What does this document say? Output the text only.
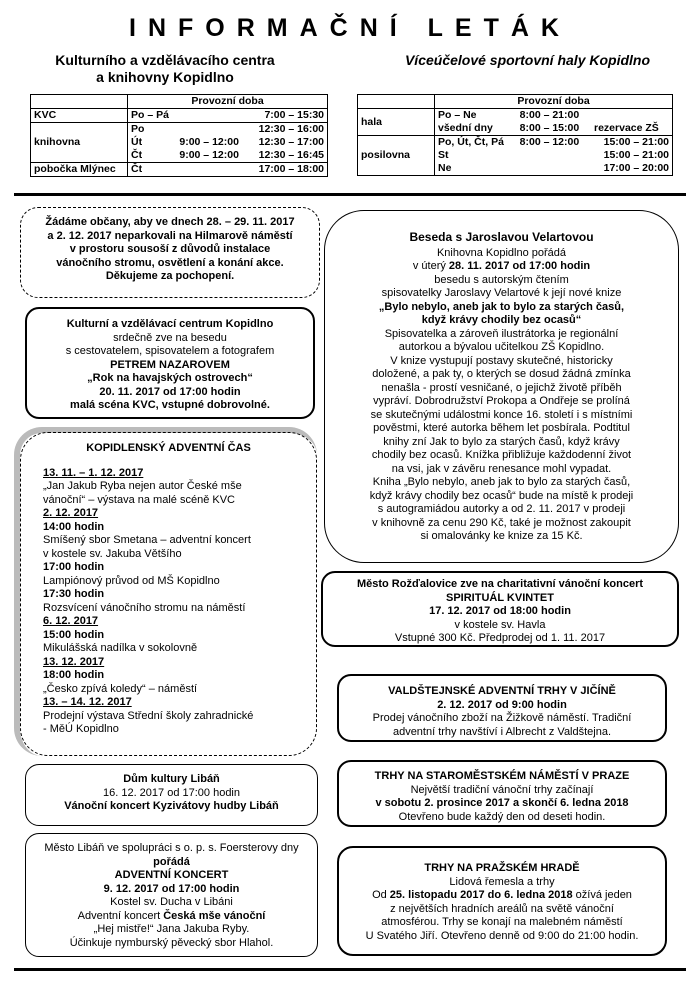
INFORMAČNÍ LETÁK
Kulturního a vzdělávacího centra
a knihovny Kopidlno
Víceúčelové sportovní haly Kopidlno
	Provozní doba		
KVC	Po – Pá		7:00 – 15:30
	Po		12:30 – 16:00
knihovna	Út	9:00 – 12:00	12:30 – 17:00
	Čt	9:00 – 12:00	12:30 – 16:45
pobočka Mlýnec	Čt		17:00 – 18:00
	Provozní doba		
hala	Po – Ne	8:00 – 21:00	
	všední dny	8:00 – 15:00	rezervace ZŠ
posilovna	Po, Út, Čt, Pá	8:00 – 12:00	15:00 – 21:00
	St		15:00 – 21:00
	Ne		17:00 – 20:00

Žádáme občany, aby ve dnech 28. – 29. 11. 2017

a 2. 12. 2017 neparkovali na Hilmarově náměstí

v prostoru sousoší z důvodů instalace

vánočního stromu, osvětlení a konání akce.

Děkujeme za pochopení.

Kulturní a vzdělávací centrum Kopidlno

srdečně zve na besedu

s cestovatelem, spisovatelem a fotografem

PETREM NAZAROVEM

„Rok na havajských ostrovech“

20. 11. 2017 od 17:00 hodin

malá scéna KVC, vstupné dobrovolné.

KOPIDLENSKÝ ADVENTNÍ ČAS

13. 11. – 1. 12. 2017

„Jan Jakub Ryba nejen autor České mše

vánoční“ – výstava na malé scéně KVC

2. 12. 2017

14:00 hodin

Smíšený sbor Smetana – adventní koncert

v kostele sv. Jakuba Většího

17:00 hodin

Lampiónový průvod od MŠ Kopidlno

17:30 hodin

Rozsvícení vánočního stromu na náměstí

6. 12. 2017

15:00 hodin

Mikulášská nadílka v sokolovně

13. 12. 2017

18:00 hodin

„Česko zpívá koledy“ – náměstí

13. – 14. 12. 2017

Prodejní výstava Střední školy zahradnické

- MěÚ Kopidlno

Dům kultury Libáň

16. 12. 2017 od 17:00 hodin

Vánoční koncert Kyzivátovy hudby Libáň

Město Libáň ve spolupráci s o. p. s. Foersterovy dny

pořádá

ADVENTNÍ KONCERT

9. 12. 2017 od 17:00 hodin

Kostel sv. Ducha v Libáni

Adventní koncert Česká mše vánoční

„Hej mistře!“ Jana Jakuba Ryby.

Účinkuje nymburský pěvecký sbor Hlahol.

Beseda s Jaroslavou Velartovou

Knihovna Kopidlno pořádá

v úterý 28. 11. 2017 od 17:00 hodin

besedu s autorským čtením

spisovatelky Jaroslavy Velartové k její nové knize

„Bylo nebylo, aneb jak to bylo za starých časů,

když krávy chodily bez ocasů“

Spisovatelka a zároveň ilustrátorka je regionální

autorkou a bývalou učitelkou ZŠ Kopidlno.

V knize vystupují postavy skutečné, historicky

doložené, a pak ty, o kterých se dosud žádná zmínka

nenašla - prostí vesničané, o jejichž životě příběh

vypráví. Dobrodružství Prokopa a Ondřeje se prolíná

se skutečnými událostmi konce 16. století i s místními

pověstmi, které autorka během let posbírala. Podtitul

knihy zní Jak to bylo za starých časů, když krávy

chodily bez ocasů. Knížka přibližuje každodenní život

na vsi, jak v závěru renesance mohl vypadat.

Kniha „Bylo nebylo, aneb jak to bylo za starých časů,

když krávy chodily bez ocasů“ bude na místě k prodeji

s autogramiádou autorky a od 2. 11. 2017 v prodeji

v knihovně za cenu 290 Kč, také je možnost zakoupit

si omalovánky ke knize za 15 Kč.

Město Rožďalovice zve na charitativní vánoční koncert

SPIRITUÁL KVINTET

17. 12. 2017 od 18:00 hodin

v kostele sv. Havla

Vstupné 300 Kč. Předprodej od 1. 11. 2017

VALDŠTEJNSKÉ ADVENTNÍ TRHY V JIČÍNĚ

2. 12. 2017 od 9:00 hodin

Prodej vánočního zboží na Žižkově náměstí. Tradiční

adventní trhy navštíví i Albrecht z Valdštejna.

TRHY NA STAROMĚSTSKÉM NÁMĚSTÍ V PRAZE

Největší tradiční vánoční trhy začínají

v sobotu 2. prosince 2017 a skončí 6. ledna 2018

Otevřeno bude každý den od deseti hodin.

TRHY NA PRAŽSKÉM HRADĚ

Lidová řemesla a trhy

Od 25. listopadu 2017 do 6. ledna 2018 ožívá jeden

z největších hradních areálů na světě vánoční

atmosférou. Trhy se konají na malebném náměstí

U Svatého Jiří. Otevřeno denně od 9:00 do 21:00 hodin.
